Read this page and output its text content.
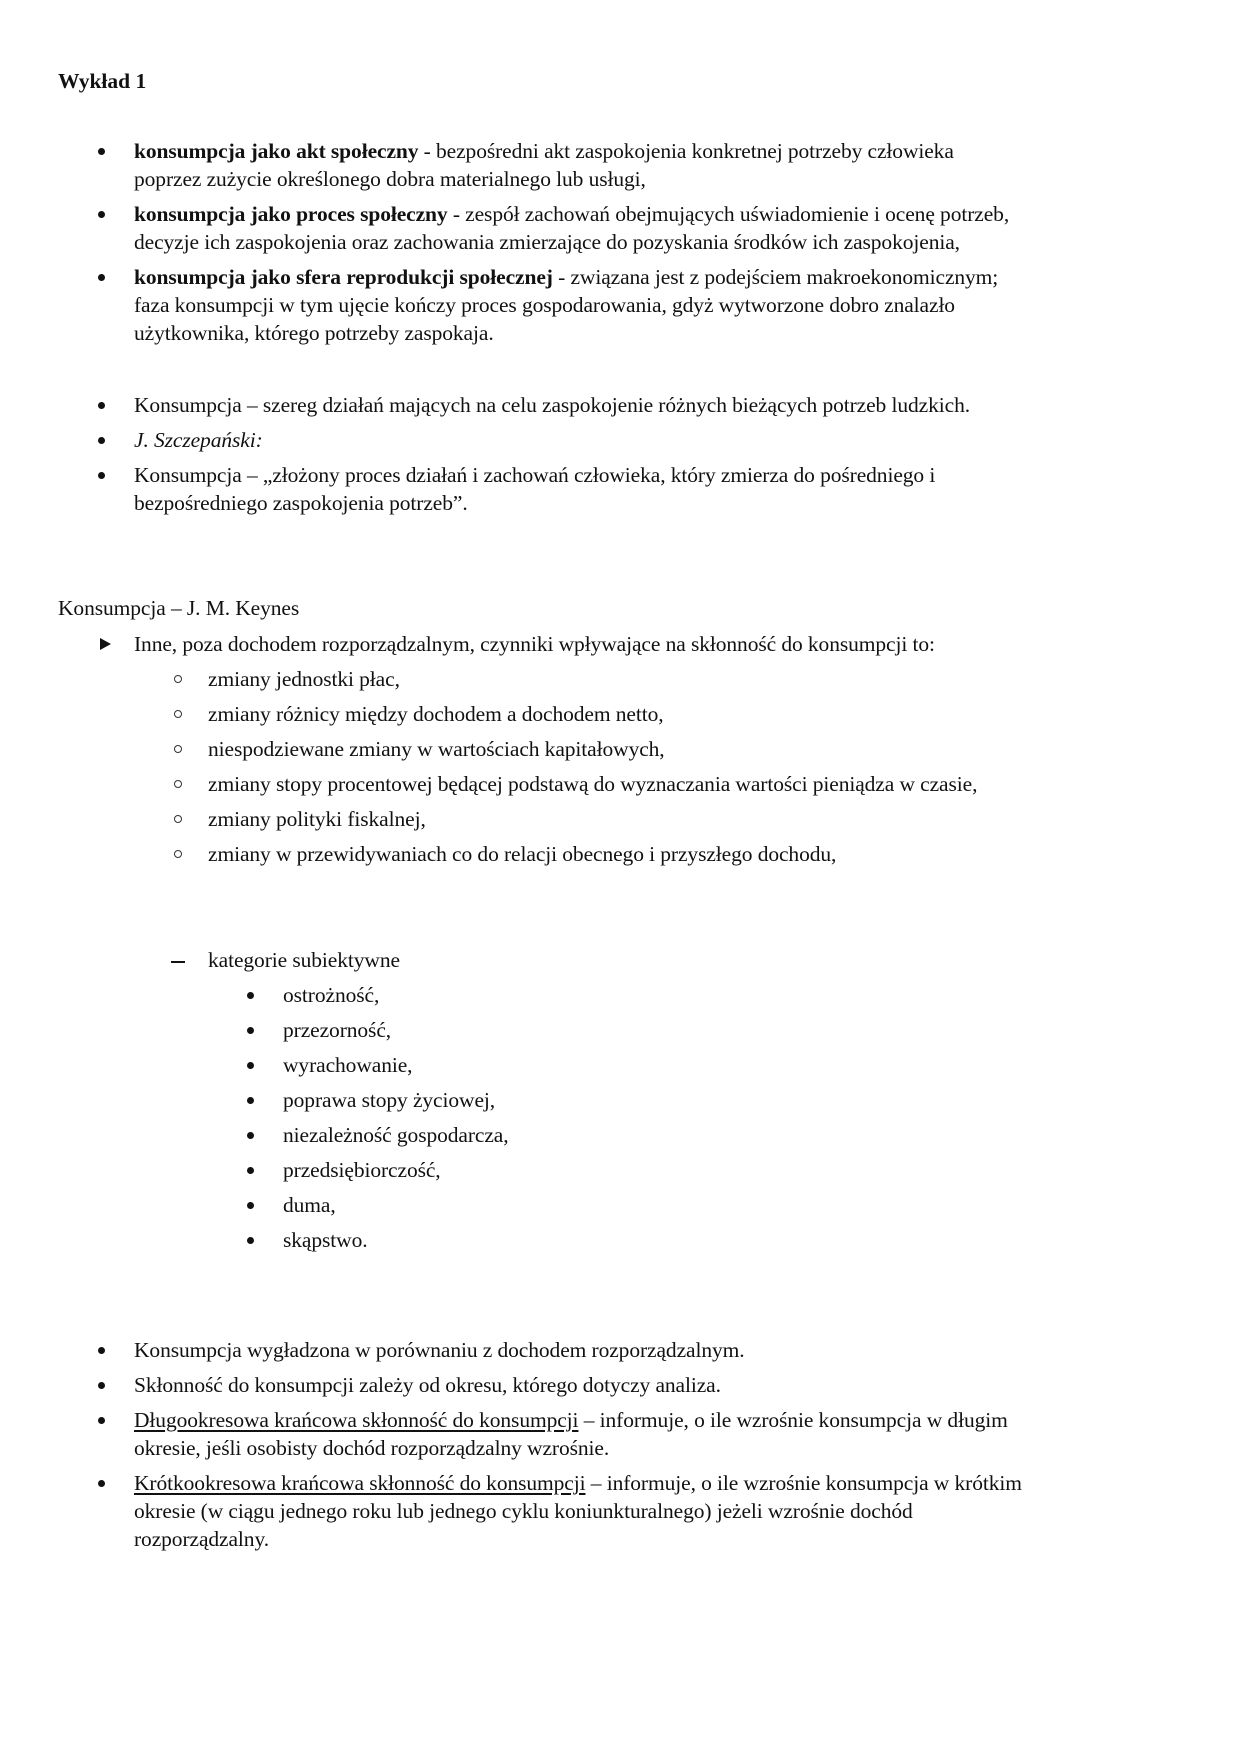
Wykład 1
konsumpcja jako akt społeczny - bezpośredni akt zaspokojenia konkretnej potrzeby człowieka
poprzez zużycie określonego dobra materialnego lub usługi,
konsumpcja jako proces społeczny - zespół zachowań obejmujących uświadomienie i ocenę potrzeb,
decyzje ich zaspokojenia oraz zachowania zmierzające do pozyskania środków ich zaspokojenia,
konsumpcja jako sfera reprodukcji społecznej - związana jest z podejściem makroekonomicznym;
faza konsumpcji w tym ujęcie kończy proces gospodarowania, gdyż wytworzone dobro znalazło
użytkownika, którego potrzeby zaspokaja.
Konsumpcja – szereg działań mających na celu zaspokojenie różnych bieżących potrzeb ludzkich.
J. Szczepański:
Konsumpcja – „złożony proces działań i zachowań człowieka, który zmierza do pośredniego i
bezpośredniego zaspokojenia potrzeb”.
Konsumpcja – J. M. Keynes
Inne, poza dochodem rozporządzalnym, czynniki wpływające na skłonność do konsumpcji to:
zmiany jednostki płac,
zmiany różnicy między dochodem a dochodem netto,
niespodziewane zmiany w wartościach kapitałowych,
zmiany stopy procentowej będącej podstawą do wyznaczania wartości pieniądza w czasie,
zmiany polityki fiskalnej,
zmiany w przewidywaniach co do relacji obecnego i przyszłego dochodu,
kategorie subiektywne
ostrożność,
przezorność,
wyrachowanie,
poprawa stopy życiowej,
niezależność gospodarcza,
przedsiębiorczość,
duma,
skąpstwo.
Konsumpcja wygładzona w porównaniu z dochodem rozporządzalnym.
Skłonność do konsumpcji zależy od okresu, którego dotyczy analiza.
Długookresowa krańcowa skłonność do konsumpcji – informuje, o ile wzrośnie konsumpcja w długim
okresie, jeśli osobisty dochód rozporządzalny wzrośnie.
Krótkookresowa krańcowa skłonność do konsumpcji – informuje, o ile wzrośnie konsumpcja w krótkim
okresie (w ciągu jednego roku lub jednego cyklu koniunkturalnego) jeżeli wzrośnie dochód
rozporządzalny.
